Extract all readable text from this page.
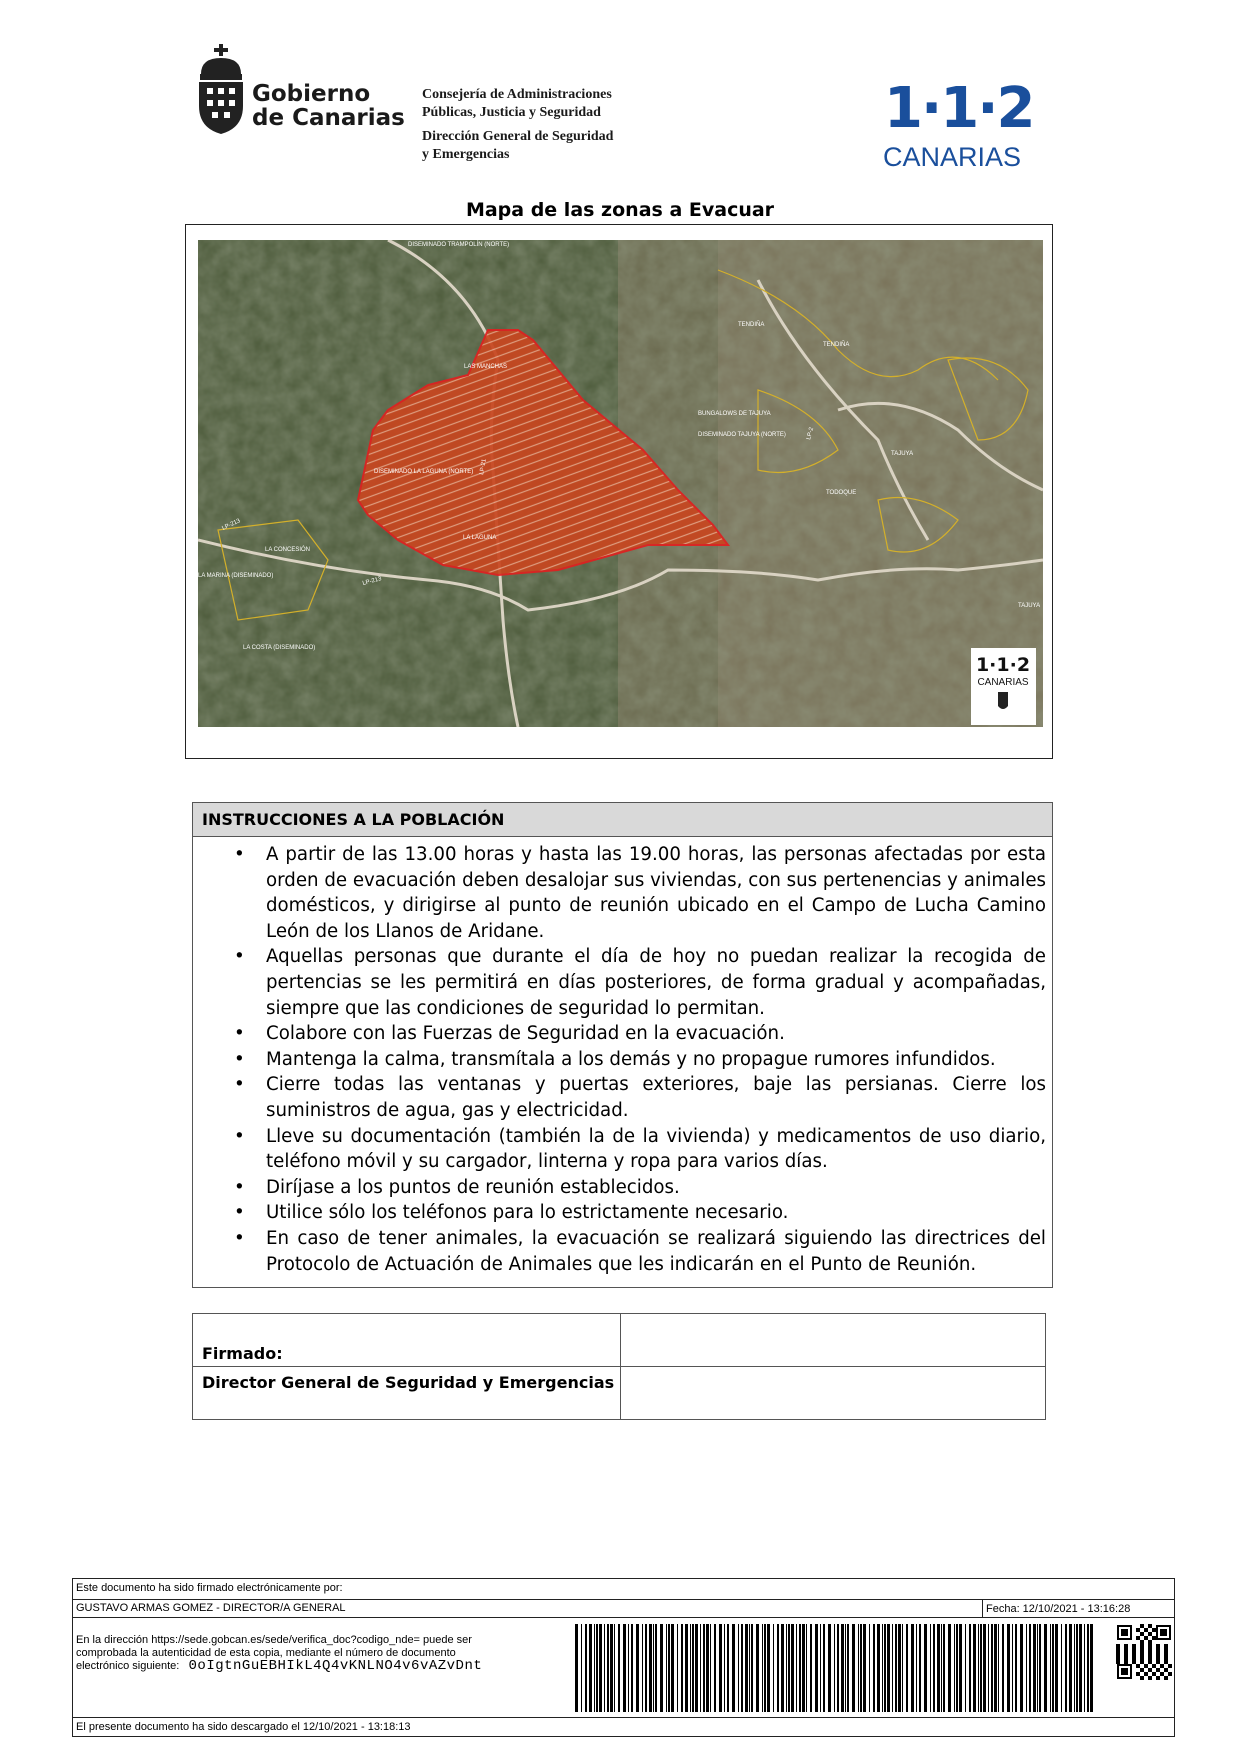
Gobierno
de Canarias
Consejería de Administraciones
Públicas, Justicia y Seguridad
Dirección General de Seguridad
y Emergencias
1·1·2
CANARIAS
Mapa de las zonas a Evacuar
DISEMINADO TRAMPOLÍN (NORTE)
LAS MANCHAS
DISEMINADO LA LAGUNA (NORTE)
LA LAGUNA
LA CONCESIÓN
LA MARINA (DISEMINADO)
LA COSTA (DISEMINADO)
TENDIÑA
TENDIÑA
TODOQUE
BUNGALOWS DE TAJUYA
DISEMINADO TAJUYA (NORTE)
TAJUYA
TAJUYA
LP-2
LP-213
LP-213
LP-21
1·1·2
CANARIAS
INSTRUCCIONES A LA POBLACIÓN
• A partir de las 13.00 horas y hasta las 19.00 horas, las personas afectadas por esta orden de evacuación deben desalojar sus viviendas, con sus pertenencias y animales domésticos, y dirigirse al punto de reunión ubicado en el Campo de Lucha Camino León de los Llanos de Aridane.
• Aquellas personas que durante el día de hoy no puedan realizar la recogida de pertencias se les permitirá en días posteriores, de forma gradual y acompañadas, siempre que las condiciones de seguridad lo permitan.
• Colabore con las Fuerzas de Seguridad en la evacuación.
• Mantenga la calma, transmítala a los demás y no propague rumores infundidos.
• Cierre todas las ventanas y puertas exteriores, baje las persianas. Cierre los suministros de agua, gas y electricidad.
• Lleve su documentación (también la de la vivienda) y medicamentos de uso diario, teléfono móvil y su cargador, linterna y ropa para varios días.
• Diríjase a los puntos de reunión establecidos.
• Utilice sólo los teléfonos para lo estrictamente necesario.
• En caso de tener animales, la evacuación se realizará siguiendo las directrices del Protocolo de Actuación de Animales que les indicarán en el Punto de Reunión.
Firmado:
Director General de Seguridad y Emergencias
Este documento ha sido firmado electrónicamente por:
GUSTAVO ARMAS GOMEZ - DIRECTOR/A GENERAL	Fecha: 12/10/2021 - 13:16:28
En la dirección https://sede.gobcan.es/sede/verifica_doc?codigo_nde= puede ser
comprobada la autenticidad de esta copia, mediante el número de documento
electrónico siguiente: 0oIgtnGuEBHIkL4Q4vKNLNO4v6vAZvDnt
El presente documento ha sido descargado el 12/10/2021 - 13:18:13
